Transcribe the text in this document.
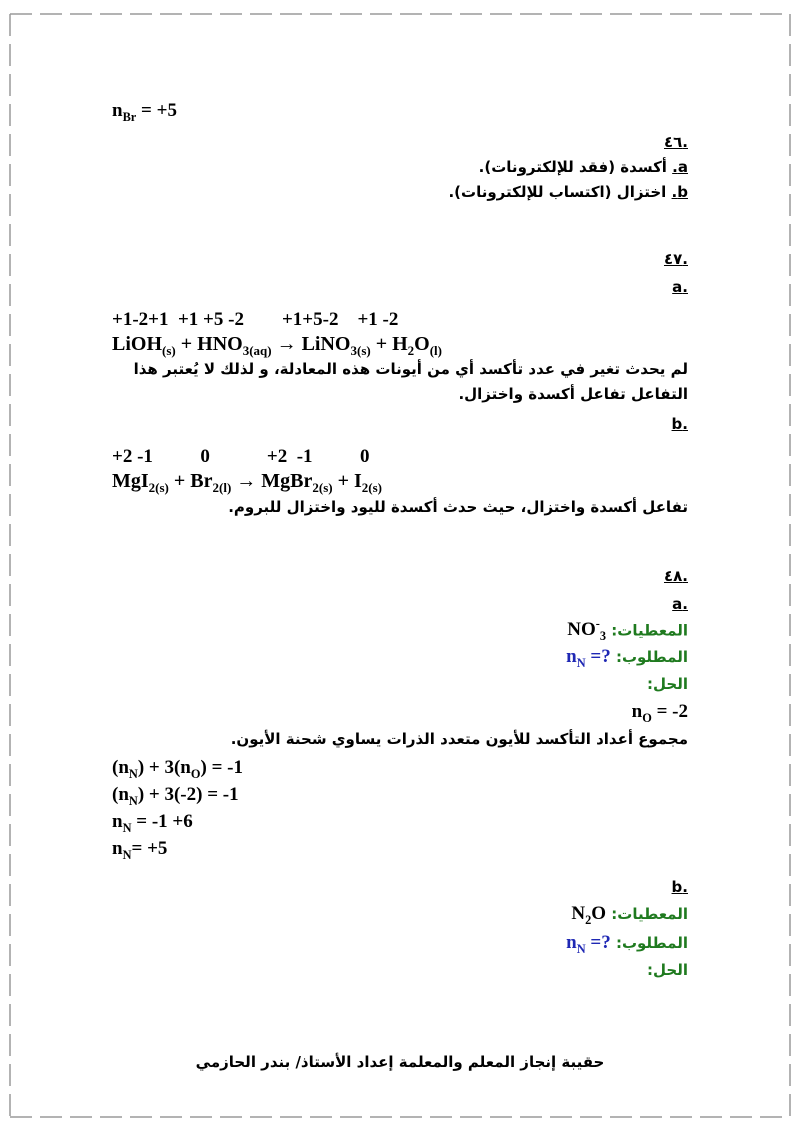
$n_{Br} = +5$
.٤٦
a. أكسدة (فقد للإلكترونات).
b. اختزال (اكتساب للإلكترونات).
.٤٧
.a
+1-2+1  +1 +5 -2        +1+5-2    +1 -2
LiOH$_{(s)}$ + $HNO_{3(aq)}$ → LiNO$_{3(s)}$ + $H_2O_{(l)}$
لم يحدث تغير في عدد تأكسد أي من أيونات هذه المعادلة، و لذلك لا يُعتبر هذا
التفاعل تفاعل أكسدة واختزال.
.b
+2 -1          0            +2  -1          0
$MgI_{2(s)} + Br_{2(l)}$ → MgBr$_{2(s)}$ + $I_{2(s)}$
تفاعل أكسدة واختزال، حيث حدث أكسدة لليود واختزال للبروم.
.٤٨
.a
المعطيات: $NO^-_3$
المطلوب: $n_N$ =?
الحل:
$n_O = -2$
مجموع أعداد التأكسد للأيون متعدد الذرات يساوي شحنة الأيون.
$(n_N) + 3(n_O) = -1$
$(n_N) + 3(-2) = -1$
$n_N = -1 +6$
$n_N= +5$
.b
المعطيات: $N_2O$
المطلوب: $n_N$ =?
الحل:
حقيبة إنجاز المعلم والمعلمة إعداد الأستاذ/ بندر الحازمي
